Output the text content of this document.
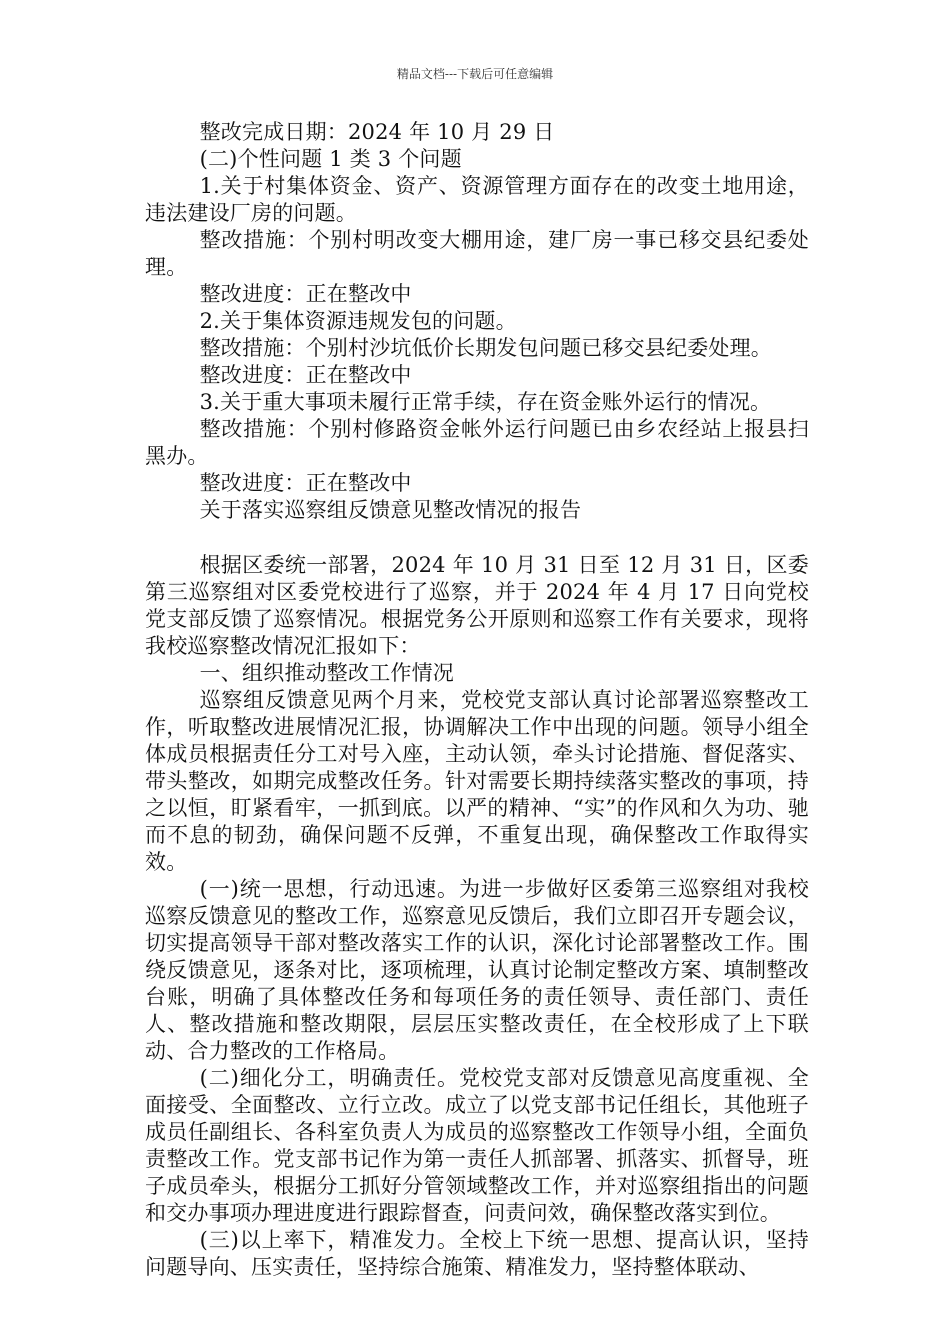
精品文档---下载后可任意编辑

整改完成日期：2024 年 10 月 29 日

(二)个性问题 1 类 3 个问题

1.关于村集体资金、资产、资源管理方面存在的改变土地用途，违法建设厂房的问题。

整改措施：个别村明改变大棚用途，建厂房一事已移交县纪委处理。

整改进度：正在整改中

2.关于集体资源违规发包的问题。

整改措施：个别村沙坑低价长期发包问题已移交县纪委处理。

整改进度：正在整改中

3.关于重大事项未履行正常手续，存在资金账外运行的情况。

整改措施：个别村修路资金帐外运行问题已由乡农经站上报县扫黑办。

整改进度：正在整改中

关于落实巡察组反馈意见整改情况的报告

根据区委统一部署，2024 年 10 月 31 日至 12 月 31 日，区委第三巡察组对区委党校进行了巡察，并于 2024 年 4 月 17 日向党校党支部反馈了巡察情况。根据党务公开原则和巡察工作有关要求，现将我校巡察整改情况汇报如下：

一、组织推动整改工作情况

巡察组反馈意见两个月来，党校党支部认真讨论部署巡察整改工作，听取整改进展情况汇报，协调解决工作中出现的问题。领导小组全体成员根据责任分工对号入座，主动认领，牵头讨论措施、督促落实、带头整改，如期完成整改任务。针对需要长期持续落实整改的事项，持之以恒，盯紧看牢，一抓到底。以严的精神、“实”的作风和久为功、驰而不息的韧劲，确保问题不反弹，不重复出现，确保整改工作取得实效。

(一)统一思想，行动迅速。为进一步做好区委第三巡察组对我校巡察反馈意见的整改工作，巡察意见反馈后，我们立即召开专题会议，切实提高领导干部对整改落实工作的认识，深化讨论部署整改工作。围绕反馈意见，逐条对比，逐项梳理，认真讨论制定整改方案、填制整改台账，明确了具体整改任务和每项任务的责任领导、责任部门、责任人、整改措施和整改期限，层层压实整改责任，在全校形成了上下联动、合力整改的工作格局。

(二)细化分工，明确责任。党校党支部对反馈意见高度重视、全面接受、全面整改、立行立改。成立了以党支部书记任组长，其他班子成员任副组长、各科室负责人为成员的巡察整改工作领导小组，全面负责整改工作。党支部书记作为第一责任人抓部署、抓落实、抓督导，班子成员牵头，根据分工抓好分管领域整改工作，并对巡察组指出的问题和交办事项办理进度进行跟踪督查，问责问效，确保整改落实到位。

(三)以上率下，精准发力。全校上下统一思想、提高认识，坚持问题导向、压实责任，坚持综合施策、精准发力，坚持整体联动、
